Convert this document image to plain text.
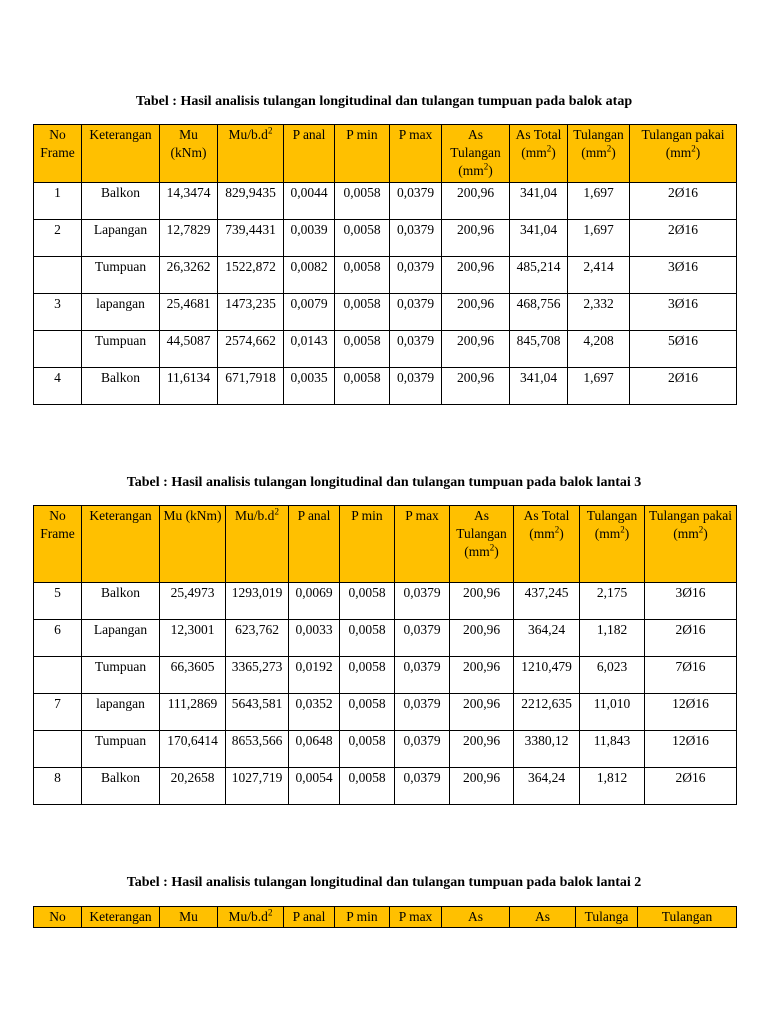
Tabel : Hasil analisis tulangan longitudinal dan tulangan tumpuan pada balok atap
No Frame	Keterangan	Mu (kNm)	$Mu/b.d^2$	P anal	P min	P max	As Tulangan $(mm^2)$	As Total $(mm^2)$	Tulangan $(mm^2)$	Tulangan pakai $(mm^2)$
1	Balkon	14,3474	829,9435	0,0044	0,0058	0,0379	200,96	341,04	1,697	2Ø16
2	Lapangan	12,7829	739,4431	0,0039	0,0058	0,0379	200,96	341,04	1,697	2Ø16
	Tumpuan	26,3262	1522,872	0,0082	0,0058	0,0379	200,96	485,214	2,414	3Ø16
3	lapangan	25,4681	1473,235	0,0079	0,0058	0,0379	200,96	468,756	2,332	3Ø16
	Tumpuan	44,5087	2574,662	0,0143	0,0058	0,0379	200,96	845,708	4,208	5Ø16
4	Balkon	11,6134	671,7918	0,0035	0,0058	0,0379	200,96	341,04	1,697	2Ø16
Tabel : Hasil analisis tulangan longitudinal dan tulangan tumpuan pada balok lantai 3
No Frame	Keterangan	Mu (kNm)	$Mu/b.d^2$	P anal	P min	P max	As Tulangan $(mm^2)$	As Total $(mm^2)$	Tulangan $(mm^2)$	Tulangan pakai $(mm^2)$
5	Balkon	25,4973	1293,019	0,0069	0,0058	0,0379	200,96	437,245	2,175	3Ø16
6	Lapangan	12,3001	623,762	0,0033	0,0058	0,0379	200,96	364,24	1,182	2Ø16
	Tumpuan	66,3605	3365,273	0,0192	0,0058	0,0379	200,96	1210,479	6,023	7Ø16
7	lapangan	111,2869	5643,581	0,0352	0,0058	0,0379	200,96	2212,635	11,010	12Ø16
	Tumpuan	170,6414	8653,566	0,0648	0,0058	0,0379	200,96	3380,12	11,843	12Ø16
8	Balkon	20,2658	1027,719	0,0054	0,0058	0,0379	200,96	364,24	1,812	2Ø16
Tabel : Hasil analisis tulangan longitudinal dan tulangan tumpuan pada balok lantai 2
No	Keterangan	Mu	$Mu/b.d^2$	P anal	P min	P max	As	As	Tulanga	Tulangan
